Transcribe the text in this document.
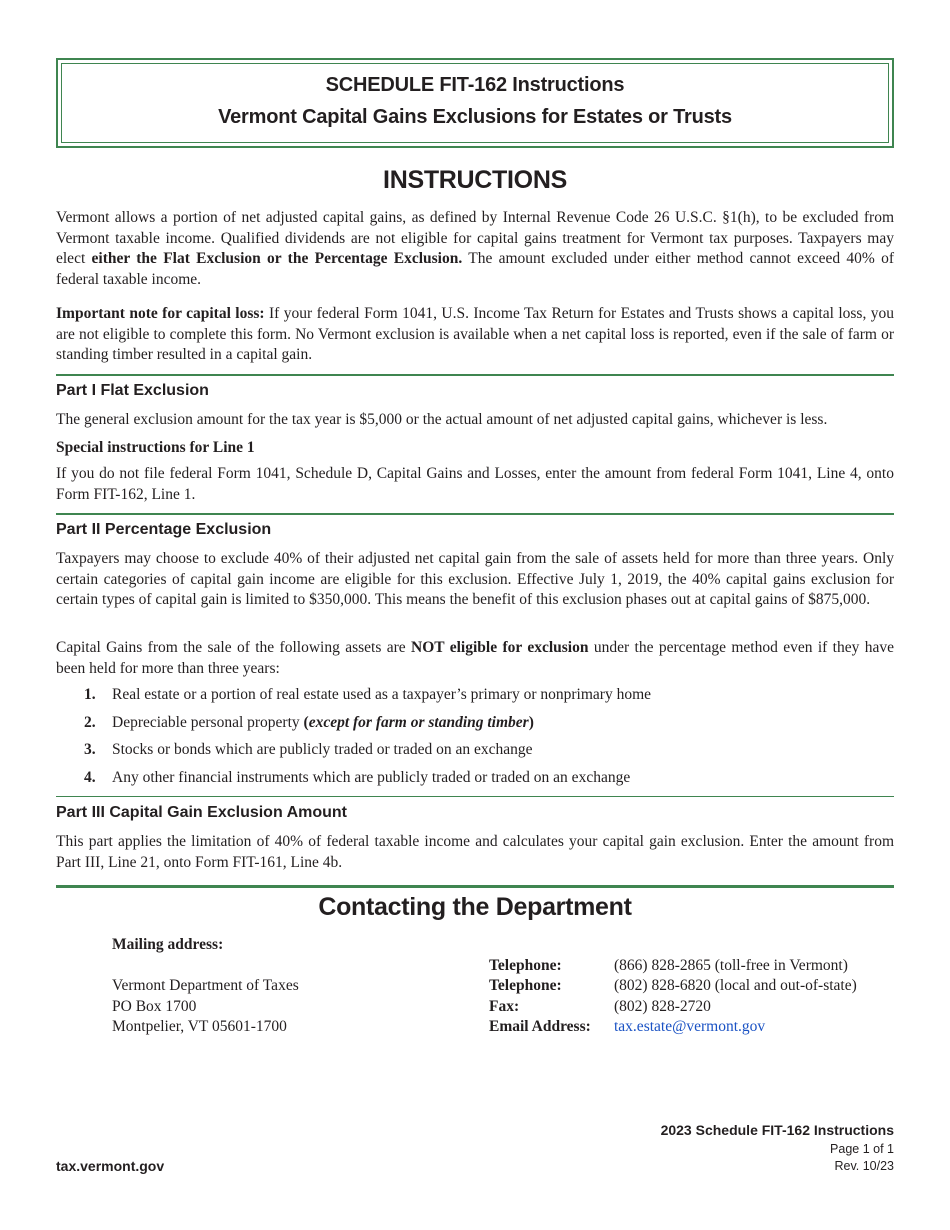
SCHEDULE FIT-162 Instructions
Vermont Capital Gains Exclusions for Estates or Trusts
INSTRUCTIONS

Vermont allows a portion of net adjusted capital gains, as defined by Internal Revenue Code 26 U.S.C. §1(h), to be excluded from Vermont taxable income. Qualified dividends are not eligible for capital gains treatment for Vermont tax purposes. Taxpayers may elect either the Flat Exclusion or the Percentage Exclusion. The amount excluded under either method cannot exceed 40% of federal taxable income.

Important note for capital loss: If your federal Form 1041, U.S. Income Tax Return for Estates and Trusts shows a capital loss, you are not eligible to complete this form. No Vermont exclusion is available when a net capital loss is reported, even if the sale of farm or standing timber resulted in a capital gain.

Part I Flat Exclusion

The general exclusion amount for the tax year is $5,000 or the actual amount of net adjusted capital gains, whichever is less.

Special instructions for Line 1

If you do not file federal Form 1041, Schedule D, Capital Gains and Losses, enter the amount from federal Form 1041, Line 4, onto Form FIT-162, Line 1.

Part II Percentage Exclusion

Taxpayers may choose to exclude 40% of their adjusted net capital gain from the sale of assets held for more than three years. Only certain categories of capital gain income are eligible for this exclusion. Effective July 1, 2019, the 40% capital gains exclusion for certain types of capital gain is limited to $350,000. This means the benefit of this exclusion phases out at capital gains of $875,000.

Capital Gains from the sale of the following assets are NOT eligible for exclusion under the percentage method even if they have been held for more than three years:

1. Real estate or a portion of real estate used as a taxpayer’s primary or nonprimary home
2. Depreciable personal property (except for farm or standing timber)
3. Stocks or bonds which are publicly traded or traded on an exchange
4. Any other financial instruments which are publicly traded or traded on an exchange
Part III Capital Gain Exclusion Amount

This part applies the limitation of 40% of federal taxable income and calculates your capital gain exclusion. Enter the amount from Part III, Line 21, onto Form FIT-161, Line 4b.

Contacting the Department
Mailing address:
Vermont Department of Taxes
PO Box 1700
Montpelier, VT 05601-1700
Telephone:	(866) 828-2865 (toll-free in Vermont)
Telephone:	(802) 828-6820 (local and out-of-state)
Fax:	(802) 828-2720
Email Address: tax.estate@vermont.gov
2023 Schedule FIT-162 Instructions
Page 1 of 1
Rev. 10/23
tax.vermont.gov
